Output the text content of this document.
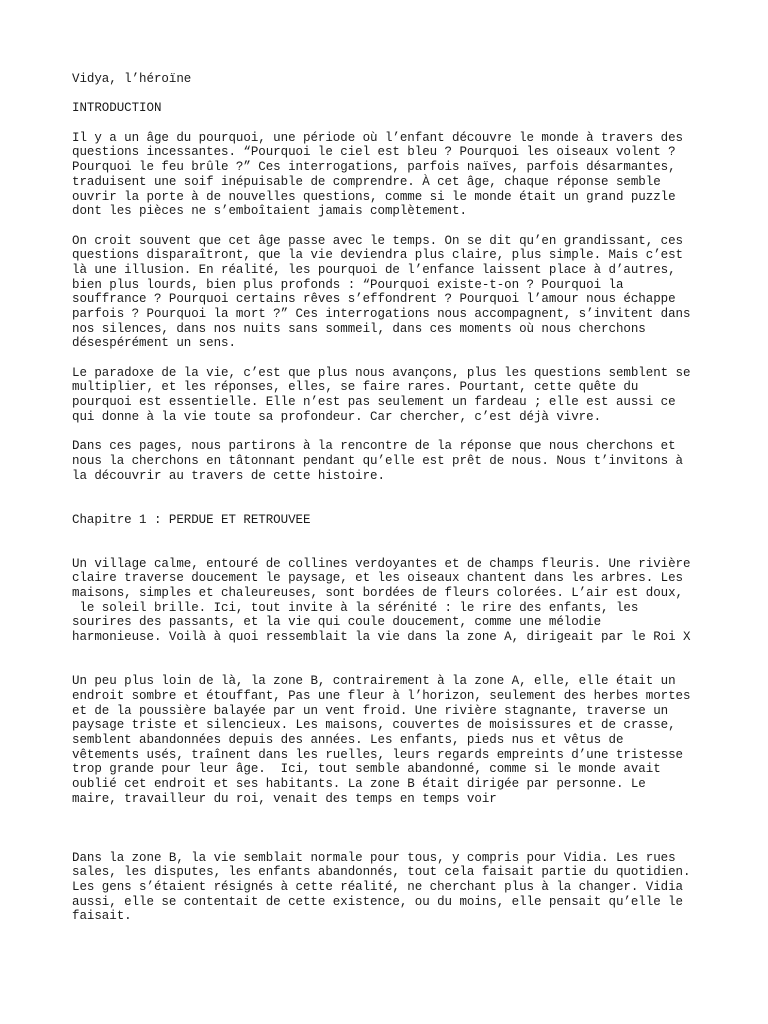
Vidya, l’héroïne
INTRODUCTION
Il y a un âge du pourquoi, une période où l’enfant découvre le monde à travers des
questions incessantes. “Pourquoi le ciel est bleu ? Pourquoi les oiseaux volent ?
Pourquoi le feu brûle ?” Ces interrogations, parfois naïves, parfois désarmantes,
traduisent une soif inépuisable de comprendre. À cet âge, chaque réponse semble
ouvrir la porte à de nouvelles questions, comme si le monde était un grand puzzle
dont les pièces ne s’emboîtaient jamais complètement.
On croit souvent que cet âge passe avec le temps. On se dit qu’en grandissant, ces
questions disparaîtront, que la vie deviendra plus claire, plus simple. Mais c’est
là une illusion. En réalité, les pourquoi de l’enfance laissent place à d’autres,
bien plus lourds, bien plus profonds : “Pourquoi existe-t-on ? Pourquoi la
souffrance ? Pourquoi certains rêves s’effondrent ? Pourquoi l’amour nous échappe
parfois ? Pourquoi la mort ?” Ces interrogations nous accompagnent, s’invitent dans
nos silences, dans nos nuits sans sommeil, dans ces moments où nous cherchons
désespérément un sens.
Le paradoxe de la vie, c’est que plus nous avançons, plus les questions semblent se
multiplier, et les réponses, elles, se faire rares. Pourtant, cette quête du
pourquoi est essentielle. Elle n’est pas seulement un fardeau ; elle est aussi ce
qui donne à la vie toute sa profondeur. Car chercher, c’est déjà vivre.
Dans ces pages, nous partirons à la rencontre de la réponse que nous cherchons et
nous la cherchons en tâtonnant pendant qu’elle est prêt de nous. Nous t’invitons à
la découvrir au travers de cette histoire.
Chapitre 1 : PERDUE ET RETROUVEE
Un village calme, entouré de collines verdoyantes et de champs fleuris. Une rivière
claire traverse doucement le paysage, et les oiseaux chantent dans les arbres. Les
maisons, simples et chaleureuses, sont bordées de fleurs colorées. L’air est doux,
le soleil brille. Ici, tout invite à la sérénité : le rire des enfants, les
sourires des passants, et la vie qui coule doucement, comme une mélodie
harmonieuse. Voilà à quoi ressemblait la vie dans la zone A, dirigeait par le Roi X
Un peu plus loin de là, la zone B, contrairement à la zone A, elle, elle était un
endroit sombre et étouffant, Pas une fleur à l’horizon, seulement des herbes mortes
et de la poussière balayée par un vent froid. Une rivière stagnante, traverse un
paysage triste et silencieux. Les maisons, couvertes de moisissures et de crasse,
semblent abandonnées depuis des années. Les enfants, pieds nus et vêtus de
vêtements usés, traînent dans les ruelles, leurs regards empreints d’une tristesse
trop grande pour leur âge.  Ici, tout semble abandonné, comme si le monde avait
oublié cet endroit et ses habitants. La zone B était dirigée par personne. Le
maire, travailleur du roi, venait des temps en temps voir
Dans la zone B, la vie semblait normale pour tous, y compris pour Vidia. Les rues
sales, les disputes, les enfants abandonnés, tout cela faisait partie du quotidien.
Les gens s’étaient résignés à cette réalité, ne cherchant plus à la changer. Vidia
aussi, elle se contentait de cette existence, ou du moins, elle pensait qu’elle le
faisait.
